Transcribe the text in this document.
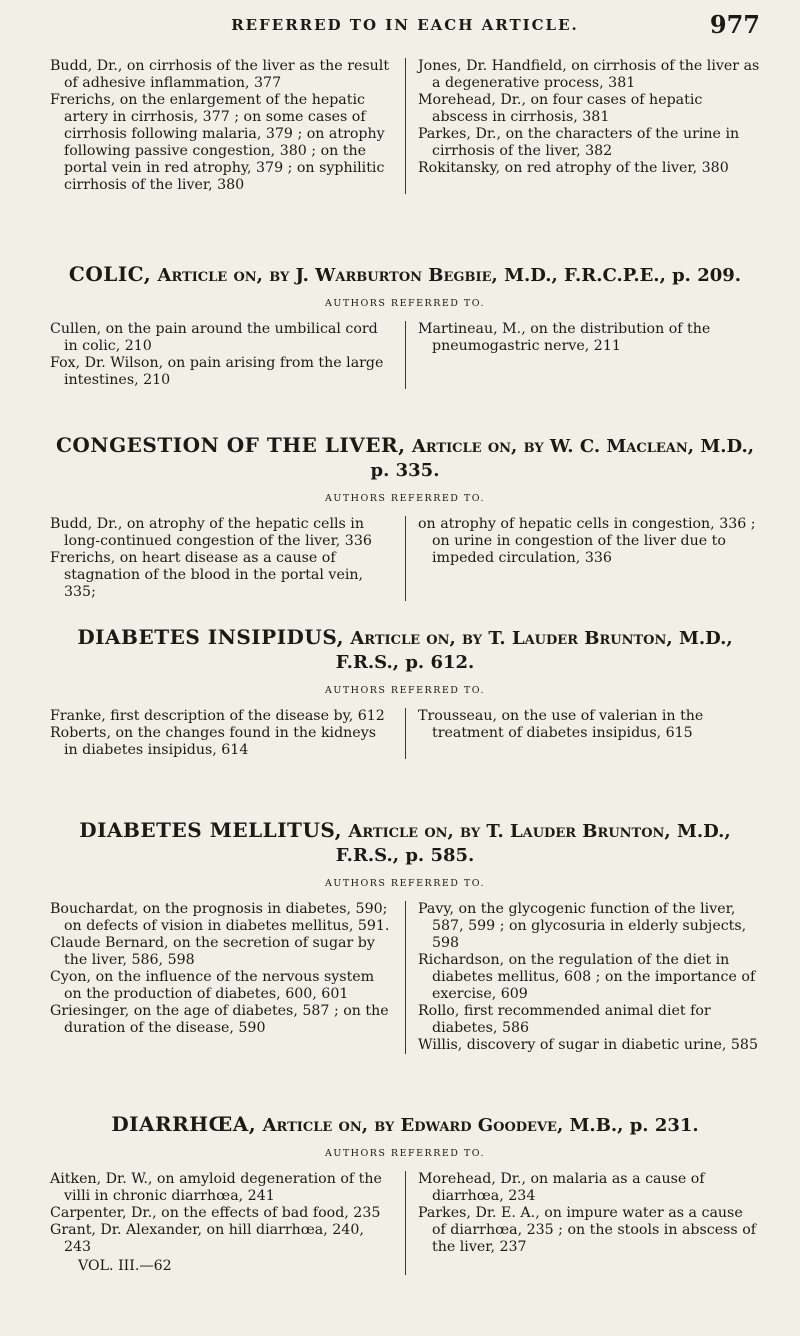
REFERRED TO IN EACH ARTICLE.	977
Budd, Dr., on cirrhosis of the liver as the result of adhesive inflammation, 377
Frerichs, on the enlargement of the hepatic artery in cirrhosis, 377 ; on some cases of cirrhosis following malaria, 379 ; on atrophy following passive congestion, 380 ; on the portal vein in red atrophy, 379 ; on syphilitic cirrhosis of the liver, 380
Jones, Dr. Handfield, on cirrhosis of the liver as a degenerative process, 381
Morehead, Dr., on four cases of hepatic abscess in cirrhosis, 381
Parkes, Dr., on the characters of the urine in cirrhosis of the liver, 382
Rokitansky, on red atrophy of the liver, 380
COLIC, Article on, by J. Warburton Begbie, M.D., F.R.C.P.E., p. 209.
AUTHORS REFERRED TO.
Cullen, on the pain around the umbilical cord in colic, 210
Fox, Dr. Wilson, on pain arising from the large intestines, 210
Martineau, M., on the distribution of the pneumogastric nerve, 211
CONGESTION OF THE LIVER, Article on, by W. C. Maclean, M.D., p. 335.
AUTHORS REFERRED TO.
Budd, Dr., on atrophy of the hepatic cells in long-continued congestion of the liver, 336
Frerichs, on heart disease as a cause of stagnation of the blood in the portal vein, 335;
on atrophy of hepatic cells in congestion, 336 ; on urine in congestion of the liver due to impeded circulation, 336
DIABETES INSIPIDUS, Article on, by T. Lauder Brunton, M.D., F.R.S., p. 612.
AUTHORS REFERRED TO.
Franke, first description of the disease by, 612
Roberts, on the changes found in the kidneys in diabetes insipidus, 614
Trousseau, on the use of valerian in the treatment of diabetes insipidus, 615
DIABETES MELLITUS, Article on, by T. Lauder Brunton, M.D., F.R.S., p. 585.
AUTHORS REFERRED TO.
Bouchardat, on the prognosis in diabetes, 590; on defects of vision in diabetes mellitus, 591.
Claude Bernard, on the secretion of sugar by the liver, 586, 598
Cyon, on the influence of the nervous system on the production of diabetes, 600, 601
Griesinger, on the age of diabetes, 587 ; on the duration of the disease, 590
Pavy, on the glycogenic function of the liver, 587, 599 ; on glycosuria in elderly subjects, 598
Richardson, on the regulation of the diet in diabetes mellitus, 608 ; on the importance of exercise, 609
Rollo, first recommended animal diet for diabetes, 586
Willis, discovery of sugar in diabetic urine, 585
DIARRHŒA, Article on, by Edward Goodeve, M.B., p. 231.
AUTHORS REFERRED TO.
Aitken, Dr. W., on amyloid degeneration of the villi in chronic diarrhœa, 241
Carpenter, Dr., on the effects of bad food, 235
Grant, Dr. Alexander, on hill diarrhœa, 240, 243
VOL. III.—62
Morehead, Dr., on malaria as a cause of diarrhœa, 234
Parkes, Dr. E. A., on impure water as a cause of diarrhœa, 235 ; on the stools in abscess of the liver, 237
